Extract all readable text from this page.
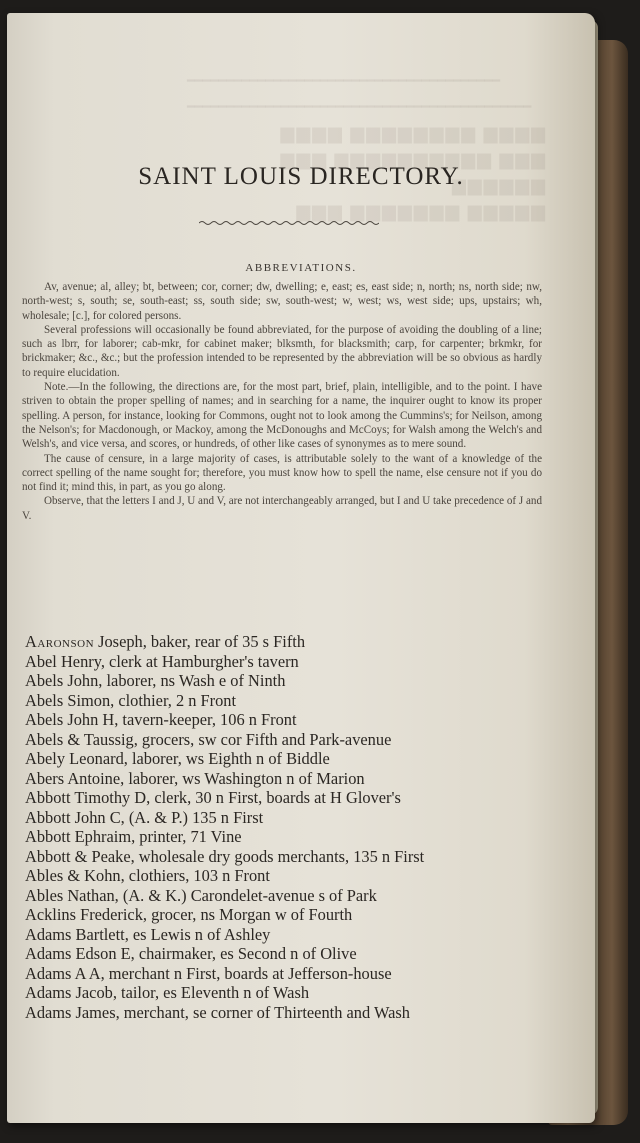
━━━━━━━━━━━━━━━━━━━━━━━━━━━━━━━━━━━━━━━━
━━━━━━━━━━━━━━━━━━━━━━━━━━━━━━━━━━━━━━━━━━━━
▆▆▆▆ ▆▆▆▆▆▆▆▆ ▆▆▆▆
▆▆▆ ▆▆▆▆▆▆▆▆▆▆ ▆▆▆ ▆▆▆▆▆▆
▆▆▆ ▆▆▆▆▆▆▆ ▆▆▆▆▆
SAINT LOUIS DIRECTORY.
ABBREVIATIONS.

Av, avenue; al, alley; bt, between; cor, corner; dw, dwelling; e, east; es, east side; n, north; ns, north side; nw, north-west; s, south; se, south-east; ss, south side; sw, south-west; w, west; ws, west side; ups, upstairs; wh, wholesale; [c.], for colored persons.

Several professions will occasionally be found abbreviated, for the purpose of avoiding the doubling of a line; such as lbrr, for laborer; cab-mkr, for cabinet maker; blksmth, for blacksmith; carp, for carpenter; brkmkr, for brickmaker; &c., &c.; but the profession intended to be represented by the abbreviation will be so obvious as hardly to require elucidation.

Note.—In the following, the directions are, for the most part, brief, plain, intelligible, and to the point. I have striven to obtain the proper spelling of names; and in searching for a name, the inquirer ought to know its proper spelling. A person, for instance, looking for Commons, ought not to look among the Cummins's; for Neilson, among the Nelson's; for Macdonough, or Mackoy, among the McDonoughs and McCoys; for Walsh among the Welch's and Welsh's, and vice versa, and scores, or hundreds, of other like cases of synonymes as to mere sound.

The cause of censure, in a large majority of cases, is attributable solely to the want of a knowledge of the correct spelling of the name sought for; therefore, you must know how to spell the name, else censure not if you do not find it; mind this, in part, as you go along.

Observe, that the letters I and J, U and V, are not interchangeably arranged, but I and U take precedence of J and V.

Aaronson Joseph, baker, rear of 35 s Fifth
Abel Henry, clerk at Hamburgher's tavern
Abels John, laborer, ns Wash e of Ninth
Abels Simon, clothier, 2 n Front
Abels John H, tavern-keeper, 106 n Front
Abels & Taussig, grocers, sw cor Fifth and Park-avenue
Abely Leonard, laborer, ws Eighth n of Biddle
Abers Antoine, laborer, ws Washington n of Marion
Abbott Timothy D, clerk, 30 n First, boards at H Glover's
Abbott John C, (A. & P.) 135 n First
Abbott Ephraim, printer, 71 Vine
Abbott & Peake, wholesale dry goods merchants, 135 n First
Ables & Kohn, clothiers, 103 n Front
Ables Nathan, (A. & K.) Carondelet-avenue s of Park
Acklins Frederick, grocer, ns Morgan w of Fourth
Adams Bartlett, es Lewis n of Ashley
Adams Edson E, chairmaker, es Second n of Olive
Adams A A, merchant n First, boards at Jefferson-house
Adams Jacob, tailor, es Eleventh n of Wash
Adams James, merchant, se corner of Thirteenth and Wash
